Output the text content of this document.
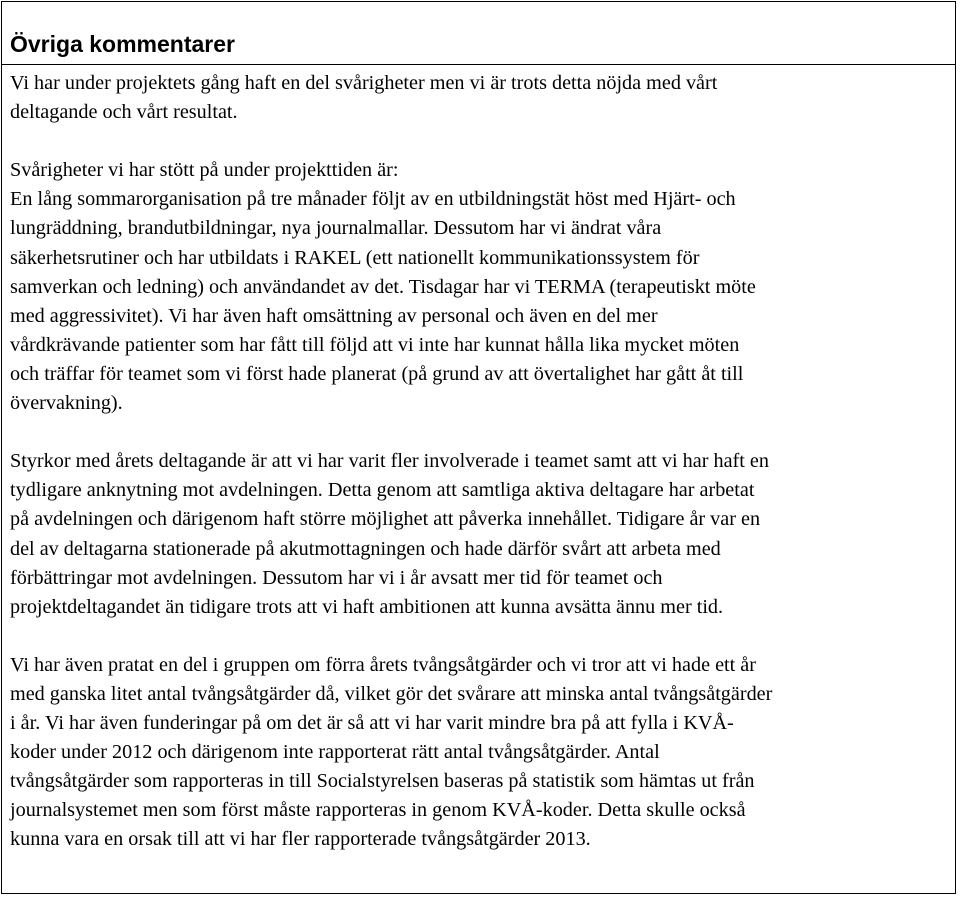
Övriga kommentarer

Vi har under projektets gång haft en del svårigheter men vi är trots detta nöjda med vårt
deltagande och vårt resultat.

Svårigheter vi har stött på under projekttiden är:
En lång sommarorganisation på tre månader följt av en utbildningstät höst med Hjärt- och
lungräddning, brandutbildningar, nya journalmallar. Dessutom har vi ändrat våra
säkerhetsrutiner och har utbildats i RAKEL (ett nationellt kommunikationssystem för
samverkan och ledning) och användandet av det. Tisdagar har vi TERMA (terapeutiskt möte
med aggressivitet). Vi har även haft omsättning av personal och även en del mer
vårdkrävande patienter som har fått till följd att vi inte har kunnat hålla lika mycket möten
och träffar för teamet som vi först hade planerat (på grund av att övertalighet har gått åt till
övervakning).

Styrkor med årets deltagande är att vi har varit fler involverade i teamet samt att vi har haft en
tydligare anknytning mot avdelningen. Detta genom att samtliga aktiva deltagare har arbetat
på avdelningen och därigenom haft större möjlighet att påverka innehållet. Tidigare år var en
del av deltagarna stationerade på akutmottagningen och hade därför svårt att arbeta med
förbättringar mot avdelningen. Dessutom har vi i år avsatt mer tid för teamet och
projektdeltagandet än tidigare trots att vi haft ambitionen att kunna avsätta ännu mer tid.

Vi har även pratat en del i gruppen om förra årets tvångsåtgärder och vi tror att vi hade ett år
med ganska litet antal tvångsåtgärder då, vilket gör det svårare att minska antal tvångsåtgärder
i år. Vi har även funderingar på om det är så att vi har varit mindre bra på att fylla i KVÅ-
koder under 2012 och därigenom inte rapporterat rätt antal tvångsåtgärder. Antal
tvångsåtgärder som rapporteras in till Socialstyrelsen baseras på statistik som hämtas ut från
journalsystemet men som först måste rapporteras in genom KVÅ-koder. Detta skulle också
kunna vara en orsak till att vi har fler rapporterade tvångsåtgärder 2013.
